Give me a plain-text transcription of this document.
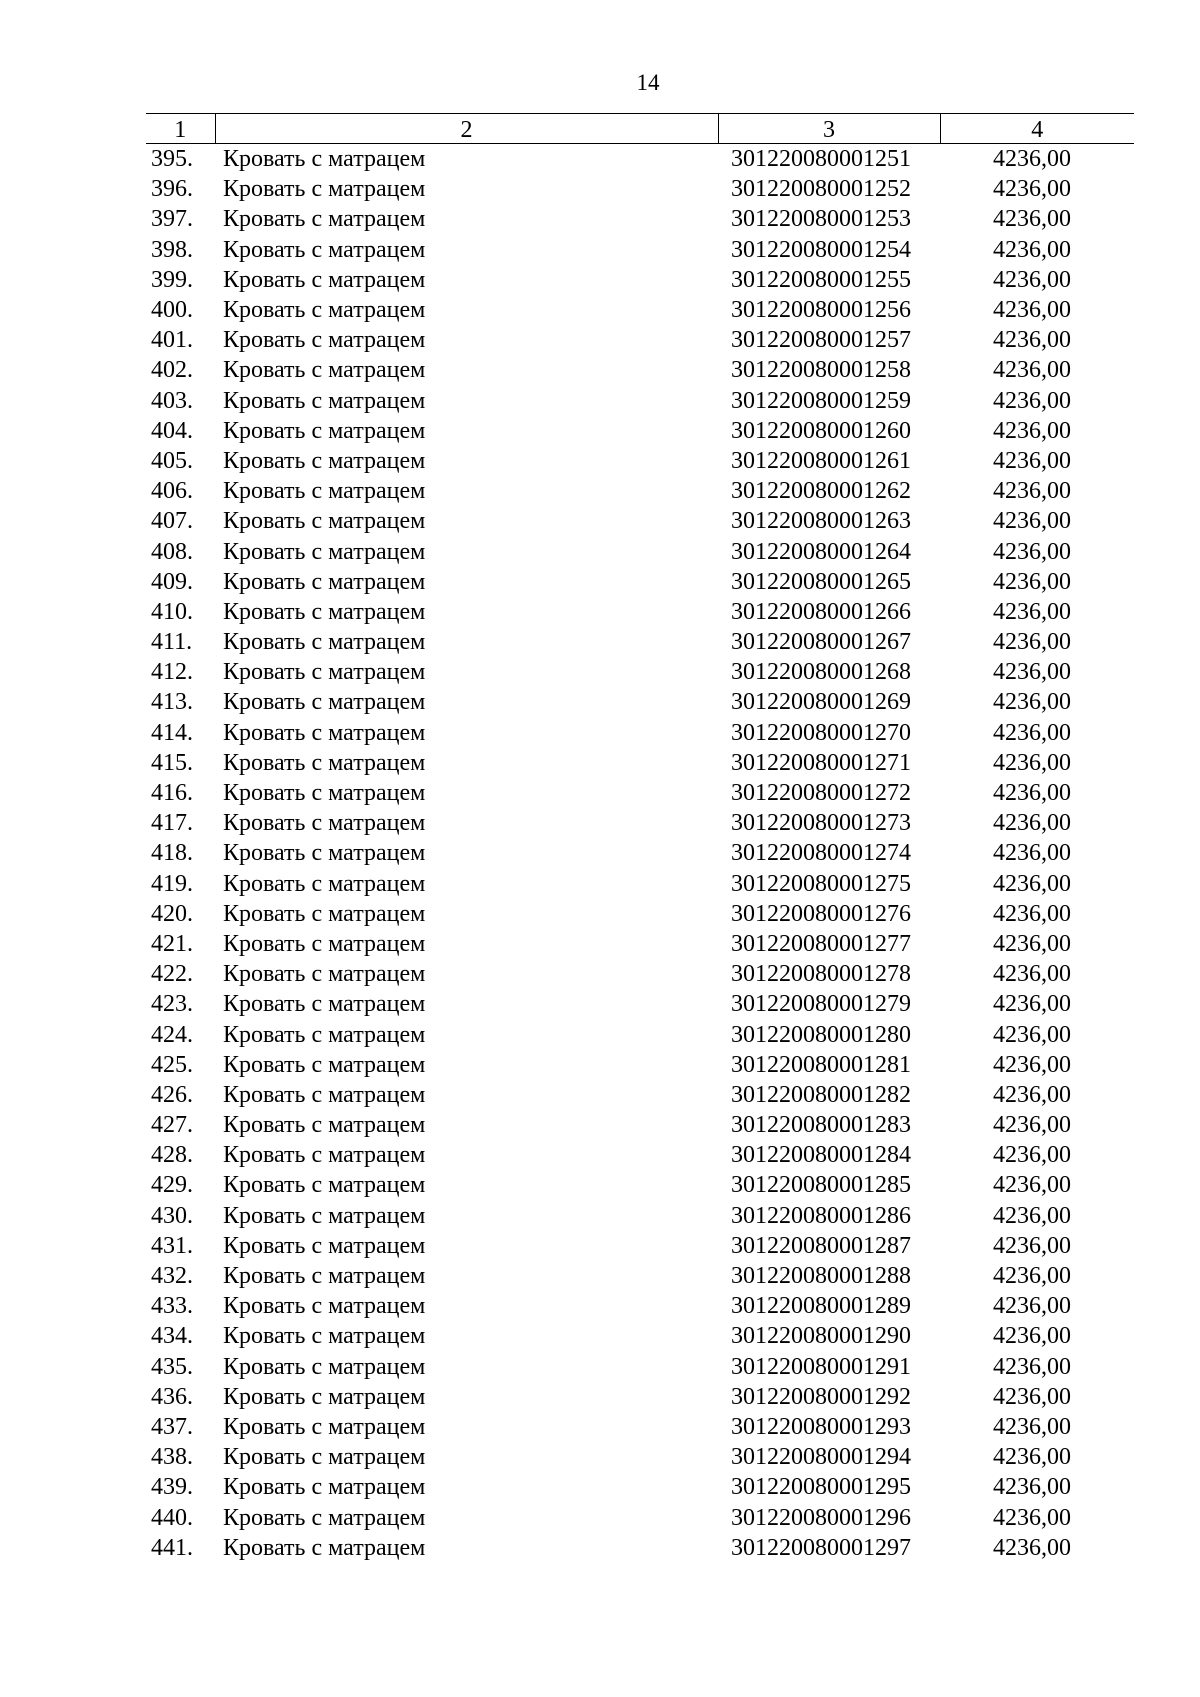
14
1	2	3	4
395.	Кровать с матрацем	301220080001251	4236,00
396.	Кровать с матрацем	301220080001252	4236,00
397.	Кровать с матрацем	301220080001253	4236,00
398.	Кровать с матрацем	301220080001254	4236,00
399.	Кровать с матрацем	301220080001255	4236,00
400.	Кровать с матрацем	301220080001256	4236,00
401.	Кровать с матрацем	301220080001257	4236,00
402.	Кровать с матрацем	301220080001258	4236,00
403.	Кровать с матрацем	301220080001259	4236,00
404.	Кровать с матрацем	301220080001260	4236,00
405.	Кровать с матрацем	301220080001261	4236,00
406.	Кровать с матрацем	301220080001262	4236,00
407.	Кровать с матрацем	301220080001263	4236,00
408.	Кровать с матрацем	301220080001264	4236,00
409.	Кровать с матрацем	301220080001265	4236,00
410.	Кровать с матрацем	301220080001266	4236,00
411.	Кровать с матрацем	301220080001267	4236,00
412.	Кровать с матрацем	301220080001268	4236,00
413.	Кровать с матрацем	301220080001269	4236,00
414.	Кровать с матрацем	301220080001270	4236,00
415.	Кровать с матрацем	301220080001271	4236,00
416.	Кровать с матрацем	301220080001272	4236,00
417.	Кровать с матрацем	301220080001273	4236,00
418.	Кровать с матрацем	301220080001274	4236,00
419.	Кровать с матрацем	301220080001275	4236,00
420.	Кровать с матрацем	301220080001276	4236,00
421.	Кровать с матрацем	301220080001277	4236,00
422.	Кровать с матрацем	301220080001278	4236,00
423.	Кровать с матрацем	301220080001279	4236,00
424.	Кровать с матрацем	301220080001280	4236,00
425.	Кровать с матрацем	301220080001281	4236,00
426.	Кровать с матрацем	301220080001282	4236,00
427.	Кровать с матрацем	301220080001283	4236,00
428.	Кровать с матрацем	301220080001284	4236,00
429.	Кровать с матрацем	301220080001285	4236,00
430.	Кровать с матрацем	301220080001286	4236,00
431.	Кровать с матрацем	301220080001287	4236,00
432.	Кровать с матрацем	301220080001288	4236,00
433.	Кровать с матрацем	301220080001289	4236,00
434.	Кровать с матрацем	301220080001290	4236,00
435.	Кровать с матрацем	301220080001291	4236,00
436.	Кровать с матрацем	301220080001292	4236,00
437.	Кровать с матрацем	301220080001293	4236,00
438.	Кровать с матрацем	301220080001294	4236,00
439.	Кровать с матрацем	301220080001295	4236,00
440.	Кровать с матрацем	301220080001296	4236,00
441.	Кровать с матрацем	301220080001297	4236,00
